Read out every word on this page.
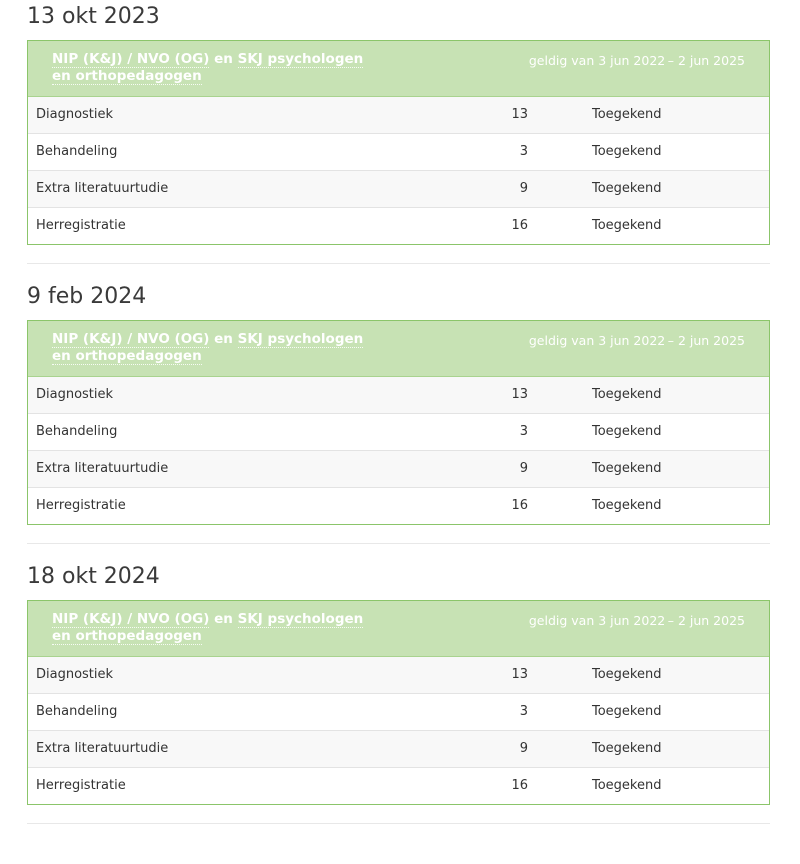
13 okt 2023
NIP (K&J) / NVO (OG) en SKJ psychologen en orthopedagogen
geldig van 3 jun 2022 – 2 jun 2025
Diagnostiek	13	Toegekend
Behandeling	3	Toegekend
Extra literatuurtudie	9	Toegekend
Herregistratie	16	Toegekend
9 feb 2024
NIP (K&J) / NVO (OG) en SKJ psychologen en orthopedagogen
geldig van 3 jun 2022 – 2 jun 2025
Diagnostiek	13	Toegekend
Behandeling	3	Toegekend
Extra literatuurtudie	9	Toegekend
Herregistratie	16	Toegekend
18 okt 2024
NIP (K&J) / NVO (OG) en SKJ psychologen en orthopedagogen
geldig van 3 jun 2022 – 2 jun 2025
Diagnostiek	13	Toegekend
Behandeling	3	Toegekend
Extra literatuurtudie	9	Toegekend
Herregistratie	16	Toegekend
